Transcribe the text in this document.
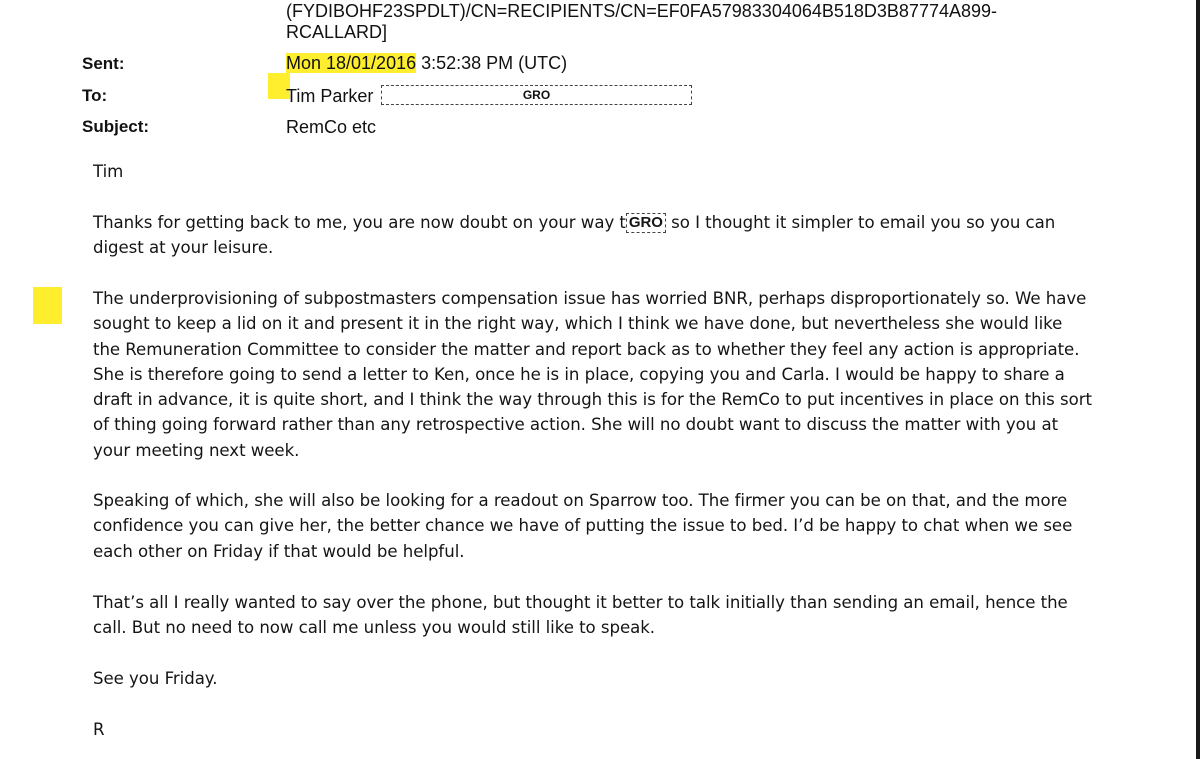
(FYDIBOHF23SPDLT)/CN=RECIPIENTS/CN=EF0FA57983304064B518D3B87774A899-
RCALLARD]
Sent:	Mon 18/01/2016 3:52:38 PM (UTC)
To:	Tim Parker	GRO
Subject:	RemCo etc

Tim

Thanks for getting back to me, you are now doubt on your way t GRO so I thought it simpler to email you so you can digest at your leisure.

The underprovisioning of subpostmasters compensation issue has worried BNR, perhaps disproportionately so. We have sought to keep a lid on it and present it in the right way, which I think we have done, but nevertheless she would like the Remuneration Committee to consider the matter and report back as to whether they feel any action is appropriate. She is therefore going to send a letter to Ken, once he is in place, copying you and Carla. I would be happy to share a draft in advance, it is quite short, and I think the way through this is for the RemCo to put incentives in place on this sort of thing going forward rather than any retrospective action. She will no doubt want to discuss the matter with you at your meeting next week.

Speaking of which, she will also be looking for a readout on Sparrow too. The firmer you can be on that, and the more confidence you can give her, the better chance we have of putting the issue to bed. I’d be happy to chat when we see each other on Friday if that would be helpful.

That’s all I really wanted to say over the phone, but thought it better to talk initially than sending an email, hence the call. But no need to now call me unless you would still like to speak.

See you Friday.

R
